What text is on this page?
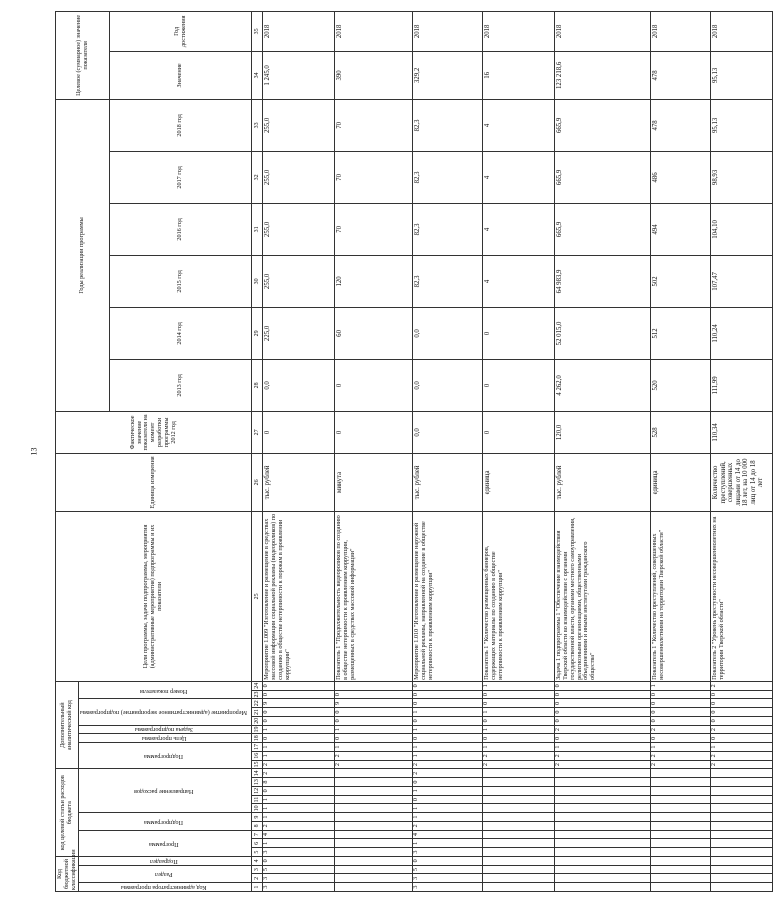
13
Код бюджетной классификации				код целевой статьи расходов бюджета										Дополнительный аналитический код										Цели программы, задачи подпрограммы, мероприятия (административные мероприятия) подпрограммы и их показатели	Единица измерения	Фактическое значение показателя на момент разработки программы 2012 год	Годы реализации программы						Целевое (суммарное) значение показателя	
Код администратора программы	Раздел		Подраздел	Программа			Подпрограмма		Направление расходов					Подпрограмма			Цель программы	Задача подпрограммы	Мероприятие (административное мероприятие) подпрограммы			Номер показателя												
																											2013 год	2014 год	2015 год	2016 год	2017 год	2018 год	Значение	Год достижения
1	2	3	4	5	6	7	8	9	10	11	12	13	14	15	16	17	18	19	20	21	22	23	24	25	26	27	28	29	30	31	32	33	34	35
3	3	5	0	3	1	4	2	1	1	1	0	8	2	2	1	1	0	1	0	0	9	0	0	Мероприятие 1.009 "Изготовление и размещение в средствах массовой информации социальной рекламы (видеороликов) по созданию в обществе нетерпимости к порокам в проявлении коррупции"	тыс. рублей	0	0,0	225,0	255,0	255,0	255,0	255,0	1 245,0	2018
														2	2	1	0	1	0	0	9	0		Показатель 1 "Продолжительность видеороликов по созданию в обществе нетерпимости к проявлениям коррупции, размещенных в средствах массовой информации"	минута	0	0	60	120	70	70	70	390	2018
3	3	5	0	3	1	4	2	1	1	0	1	0	2	2	1	1	0	1	0	1	0	0	0	Мероприятие 1.010 "Изготовление и размещение наружной социальной рекламы, направленной на создание в обществе нетерпимости к проявлениям коррупции"	тыс. рублей	0,0	0,0	0,0	82,3	82,3	82,3	82,3	329,2	2018
														2	2	1	0	1	0	1	0	0	1	Показатель 1 "Количество размещенных баннеров, содержащих материалы по созданию в обществе нетерпимости к проявлениям коррупции"	единица	0	0	0	4	4	4	4	16	2018
														2	2	1	0	2	0	0	0	0	0	Задача 1 подпрограммы 1 "Обеспечение взаимодействия Тверской области во взаимодействии с органами государственной власти, органами местного самоуправления, религиозными организациями, общественными объединениями и иными институтами гражданского общества"	тыс. рублей	120,0	4 262,0	52 015,0	64 983,9	665,9	665,9	665,9	123 218,6	2018
														2	2	1	0	2	0	0	0	0	1	Показатель 1 "Количество преступлений, совершенных несовершеннолетними на территории Тверской области"	единица	528	520	512	502	494	486	478	478	2018
														2	2	1	0	2	0	0	0	0	2	Показатель 2 "Уровень преступности несовершеннолетних на территории Тверской области"	Количество преступлений, совершенных лицами от 14 до 18 лет, на 10 000 лиц от 14 до 18 лет	110,34	111,99	110,24	107,47	104,10	98,93	95,13	95,13	2018
